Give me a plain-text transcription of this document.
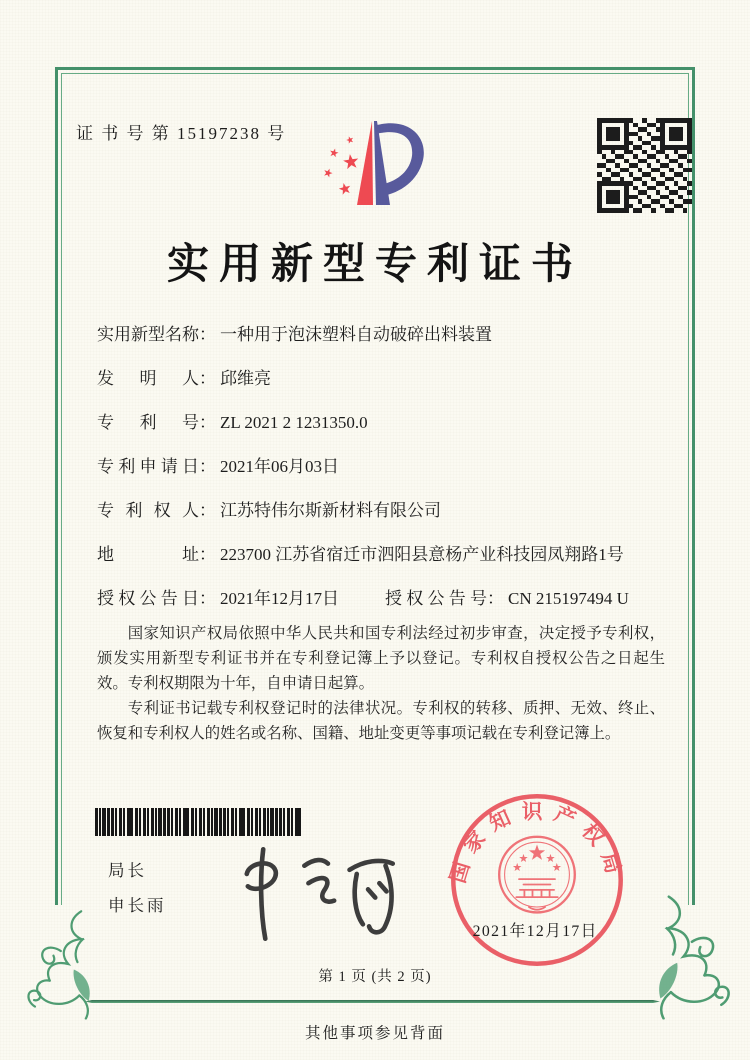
证 书 号 第 15197238 号
实用新型专利证书
实用新型名称： 一种用于泡沫塑料自动破碎出料装置
发明人： 邱维亮
专利号： ZL 2021 2 1231350.0
专利申请日： 2021年06月03日
专利权人： 江苏特伟尔斯新材料有限公司
地址： 223700 江苏省宿迁市泗阳县意杨产业科技园凤翔路1号
授权公告日： 2021年12月17日	授权公告号： CN 215197494 U

国家知识产权局依照中华人民共和国专利法经过初步审查，决定授予专利权，颁发实用新型专利证书并在专利登记簿上予以登记。专利权自授权公告之日起生效。专利权期限为十年，自申请日起算。

专利证书记载专利权登记时的法律状况。专利权的转移、质押、无效、终止、恢复和专利权人的姓名或名称、国籍、地址变更等事项记载在专利登记簿上。

局长
申长雨
国家知识产权局
2021年12月17日
第 1 页 (共 2 页)
其他事项参见背面
